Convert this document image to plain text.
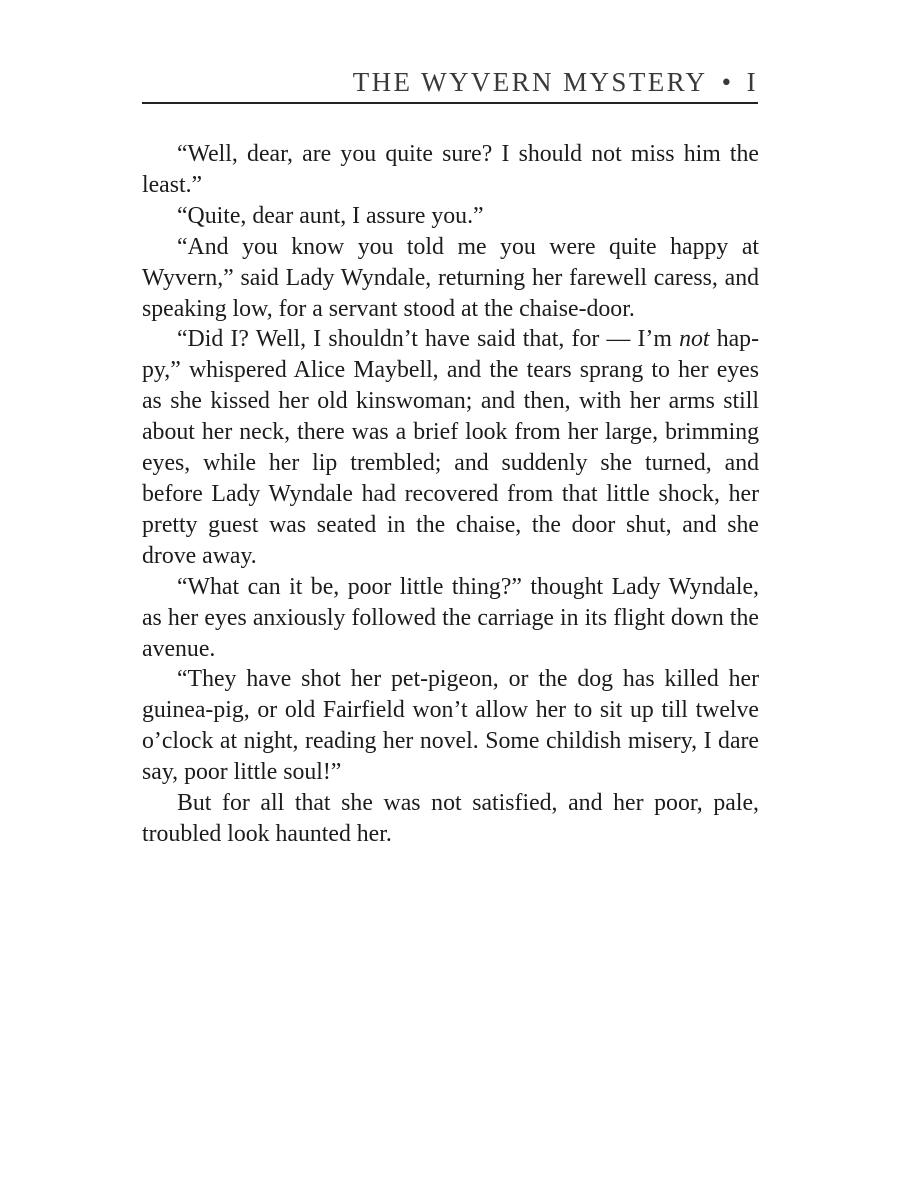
THE WYVERN MYSTERY • I

“Well, dear, are you quite sure? I should not miss him the least.”

“Quite, dear aunt, I assure you.”

“And you know you told me you were quite happy at Wyvern,” said Lady Wyndale, returning her farewell caress, and speaking low, for a servant stood at the chaise-door.

“Did I? Well, I shouldn’t have said that, for — I’m not happy,” whispered Alice Maybell, and the tears sprang to her eyes as she kissed her old kinswoman; and then, with her arms still about her neck, there was a brief look from her large, brimming eyes, while her lip trembled; and suddenly she turned, and before Lady Wyndale had recovered from that little shock, her pretty guest was seated in the chaise, the door shut, and she drove away.

“What can it be, poor little thing?” thought Lady Wyndale, as her eyes anxiously followed the carriage in its flight down the avenue.

“They have shot her pet-pigeon, or the dog has killed her guinea-pig, or old Fairfield won’t allow her to sit up till twelve o’clock at night, reading her novel. Some childish misery, I dare say, poor little soul!”

But for all that she was not satisfied, and her poor, pale, troubled look haunted her.
